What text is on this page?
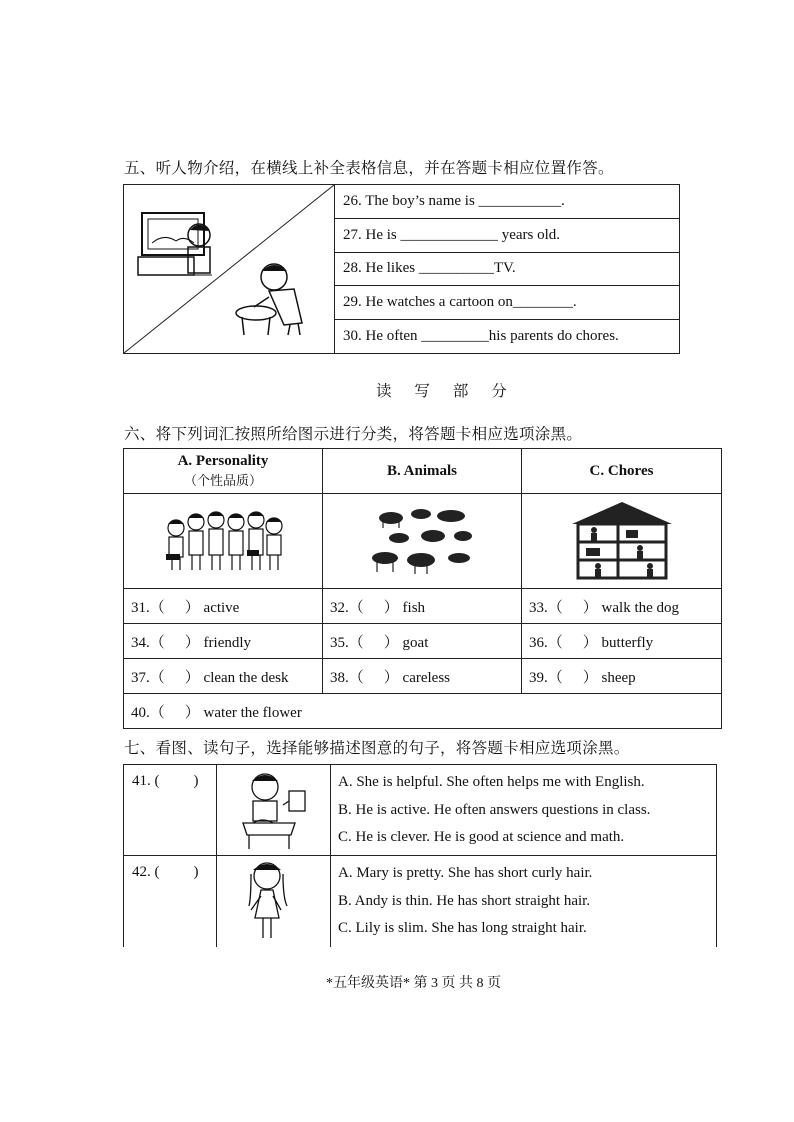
五、听人物介绍，在横线上补全表格信息，并在答题卡相应位置作答。
	26. The boy’s name is ___________.
27. He is _____________ years old.
28. He likes __________TV.
29. He watches a cartoon on________.
30. He often _________his parents do chores.
读 写 部 分
六、将下列词汇按照所给图示进行分类，将答题卡相应选项涂黑。
A. Personality
（个性品质）	B. Animals	C. Chores

31.（ ） active	32.（ ） fish	33.（ ） walk the dog
34.（ ） friendly	35.（ ） goat	36.（ ） butterfly
37.（ ） clean the desk	38.（ ） careless	39.（ ） sheep
40.（ ） water the flower		
七、看图、读句子，选择能够描述图意的句子，将答题卡相应选项涂黑。
41. ( )		A. She is helpful. She often helps me with English.
B. He is active. He often answers questions in class.
C. He is clever. He is good at science and math.

42. ( )		A. Mary is pretty. She has short curly hair.
B. Andy is thin. He has short straight hair.
C. Lily is slim. She has long straight hair.
*五年级英语* 第 3 页 共 8 页
